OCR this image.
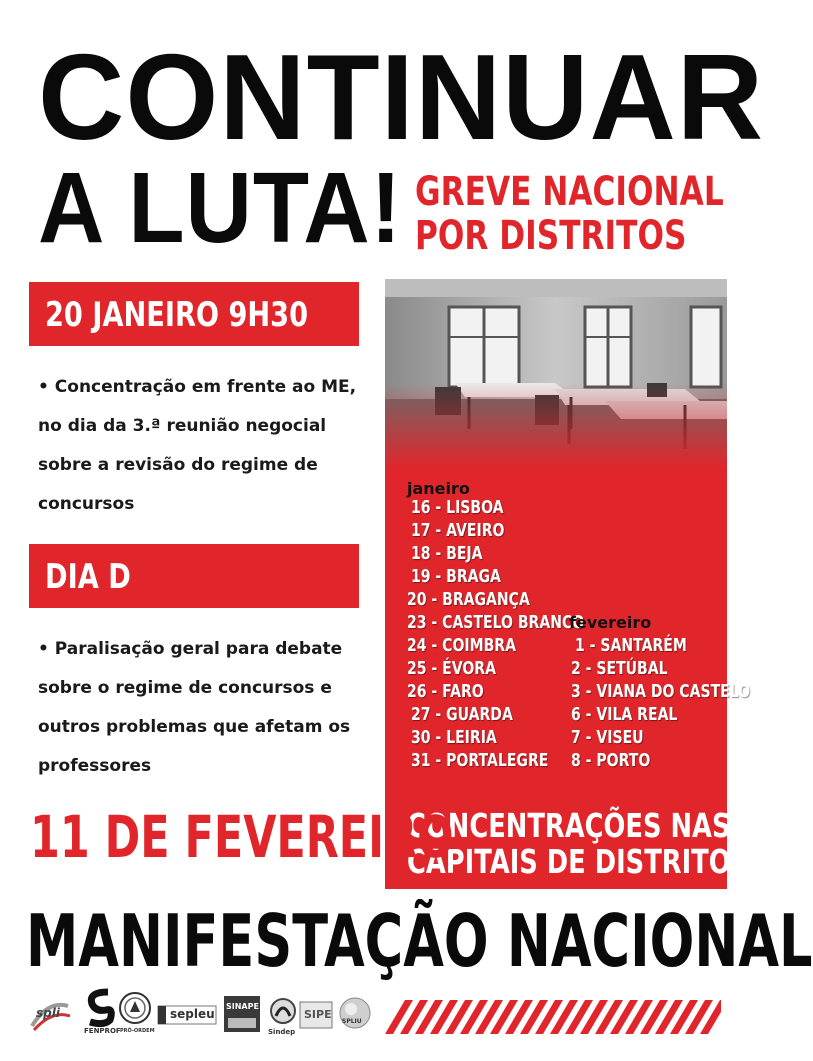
CONTINUAR
A LUTA! GREVE NACIONAL
POR DISTRITOS
20 JANEIRO 9H30
• Concentração em frente ao ME,
no dia da 3.ª reunião negocial
sobre a revisão do regime de
concursos
DIA D
• Paralisação geral para debate
sobre o regime de concursos e
outros problemas que afetam os
professores
janeiro
16 - LISBOA
17 - AVEIRO
18 - BEJA
19 - BRAGA
20 - BRAGANÇA
23 - CASTELO BRANCO
24 - COIMBRA
25 - ÉVORA
26 - FARO
27 - GUARDA
30 - LEIRIA
31 - PORTALEGRE
fevereiro
1 - SANTARÉM
2 - SETÚBAL
3 - VIANA DO CASTELO
6 - VILA REAL
7 - VISEU
8 - PORTO
CONCENTRAÇÕES NAS
CAPITAIS DE DISTRITO
11 DE FEVEREIRO
MANIFESTAÇÃO NACIONAL
spli
FENPROF PRÓ-ORDEM
sepleu
SINAPE
Sindep
SIPE
SPLIU
